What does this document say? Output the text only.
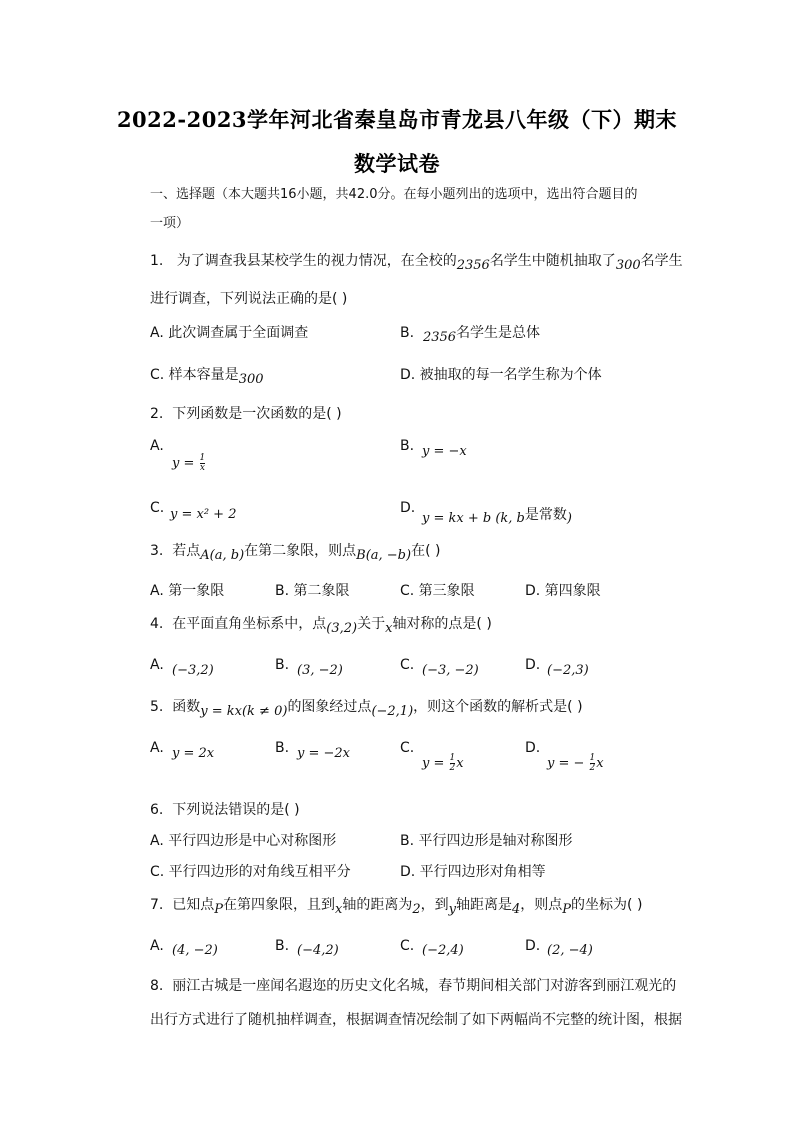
2022-2023学年河北省秦皇岛市青龙县八年级（下）期末
数学试卷
一、选择题（本大题共16小题，共42.0分。在每小题列出的选项中，选出符合题目的
一项）
1. 为了调查我县某校学生的视力情况，在全校的2356名学生中随机抽取了300名学生
进行调查，下列说法正确的是( )
A. 此次调查属于全面调查	B. 2356名学生是总体
C. 样本容量是300	D. 被抽取的每一名学生称为个体
2. 下列函数是一次函数的是( )
A.
$y = \frac{1}{x}$
B. y = −x
C. y = x² + 2	D.
y = kx + b (k, b是常数)
3. 若点A(a, b)在第二象限，则点B(a, −b)在( )
A. 第一象限	B. 第二象限	C. 第三象限	D. 第四象限
4. 在平面直角坐标系中，点(3,2)关于x轴对称的点是( )
A. (−3,2)	B. (3, −2)	C. (−3, −2)	D. (−2,3)
5. 函数y = kx(k ≠ 0)的图象经过点(−2,1)，则这个函数的解析式是( )
A. y = 2x	B. y = −2x	C.
$y = \frac{1}{2}$ x
D.
y = − $\frac{1}{2}$ x
6. 下列说法错误的是( )
A. 平行四边形是中心对称图形	B. 平行四边形是轴对称图形
C. 平行四边形的对角线互相平分	D. 平行四边形对角相等
7. 已知点P在第四象限，且到x轴的距离为2，到y轴距离是4，则点P的坐标为( )
A. (4, −2)	B. (−4,2)	C. (−2,4)	D. (2, −4)
8. 丽江古城是一座闻名遐迩的历史文化名城，春节期间相关部门对游客到丽江观光的
出行方式进行了随机抽样调查，根据调查情况绘制了如下两幅尚不完整的统计图，根据
